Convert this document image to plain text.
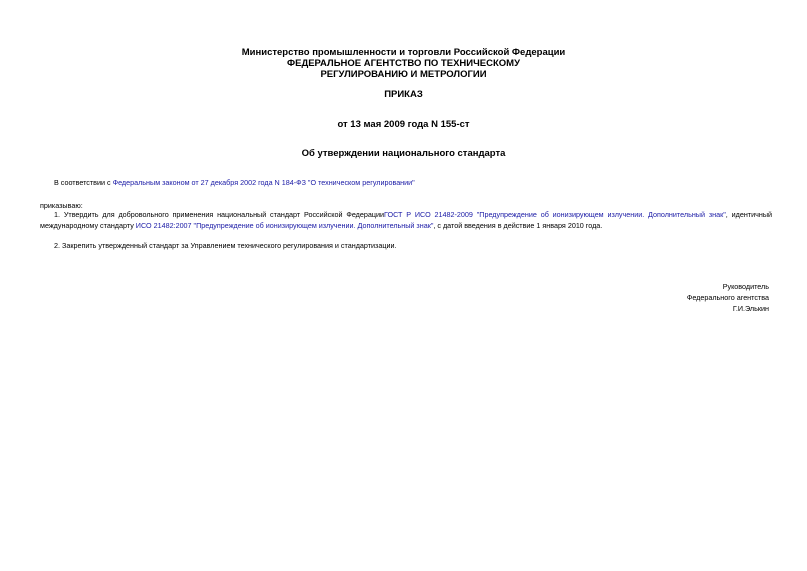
Министерство промышленности и торговли Российской Федерации
ФЕДЕРАЛЬНОЕ АГЕНТСТВО ПО ТЕХНИЧЕСКОМУ
РЕГУЛИРОВАНИЮ И МЕТРОЛОГИИ
ПРИКАЗ
от 13 мая 2009 года N 155-ст
Об утверждении национального стандарта
В соответствии с Федеральным законом от 27 декабря 2002 года N 184-ФЗ "О техническом регулировании"
приказываю:
1. Утвердить для добровольного применения национальный стандарт Российской ФедерацииГОСТ Р ИСО 21482-2009 "Предупреждение об ионизирующем излучении. Дополнительный знак", идентичный международному стандарту ИСО 21482:2007 "Предупреждение об ионизирующем излучении. Дополнительный знак", с датой введения в действие 1 января 2010 года.
2. Закрепить утвержденный стандарт за Управлением технического регулирования и стандартизации.
Руководитель
Федерального агентства
Г.И.Элькин
